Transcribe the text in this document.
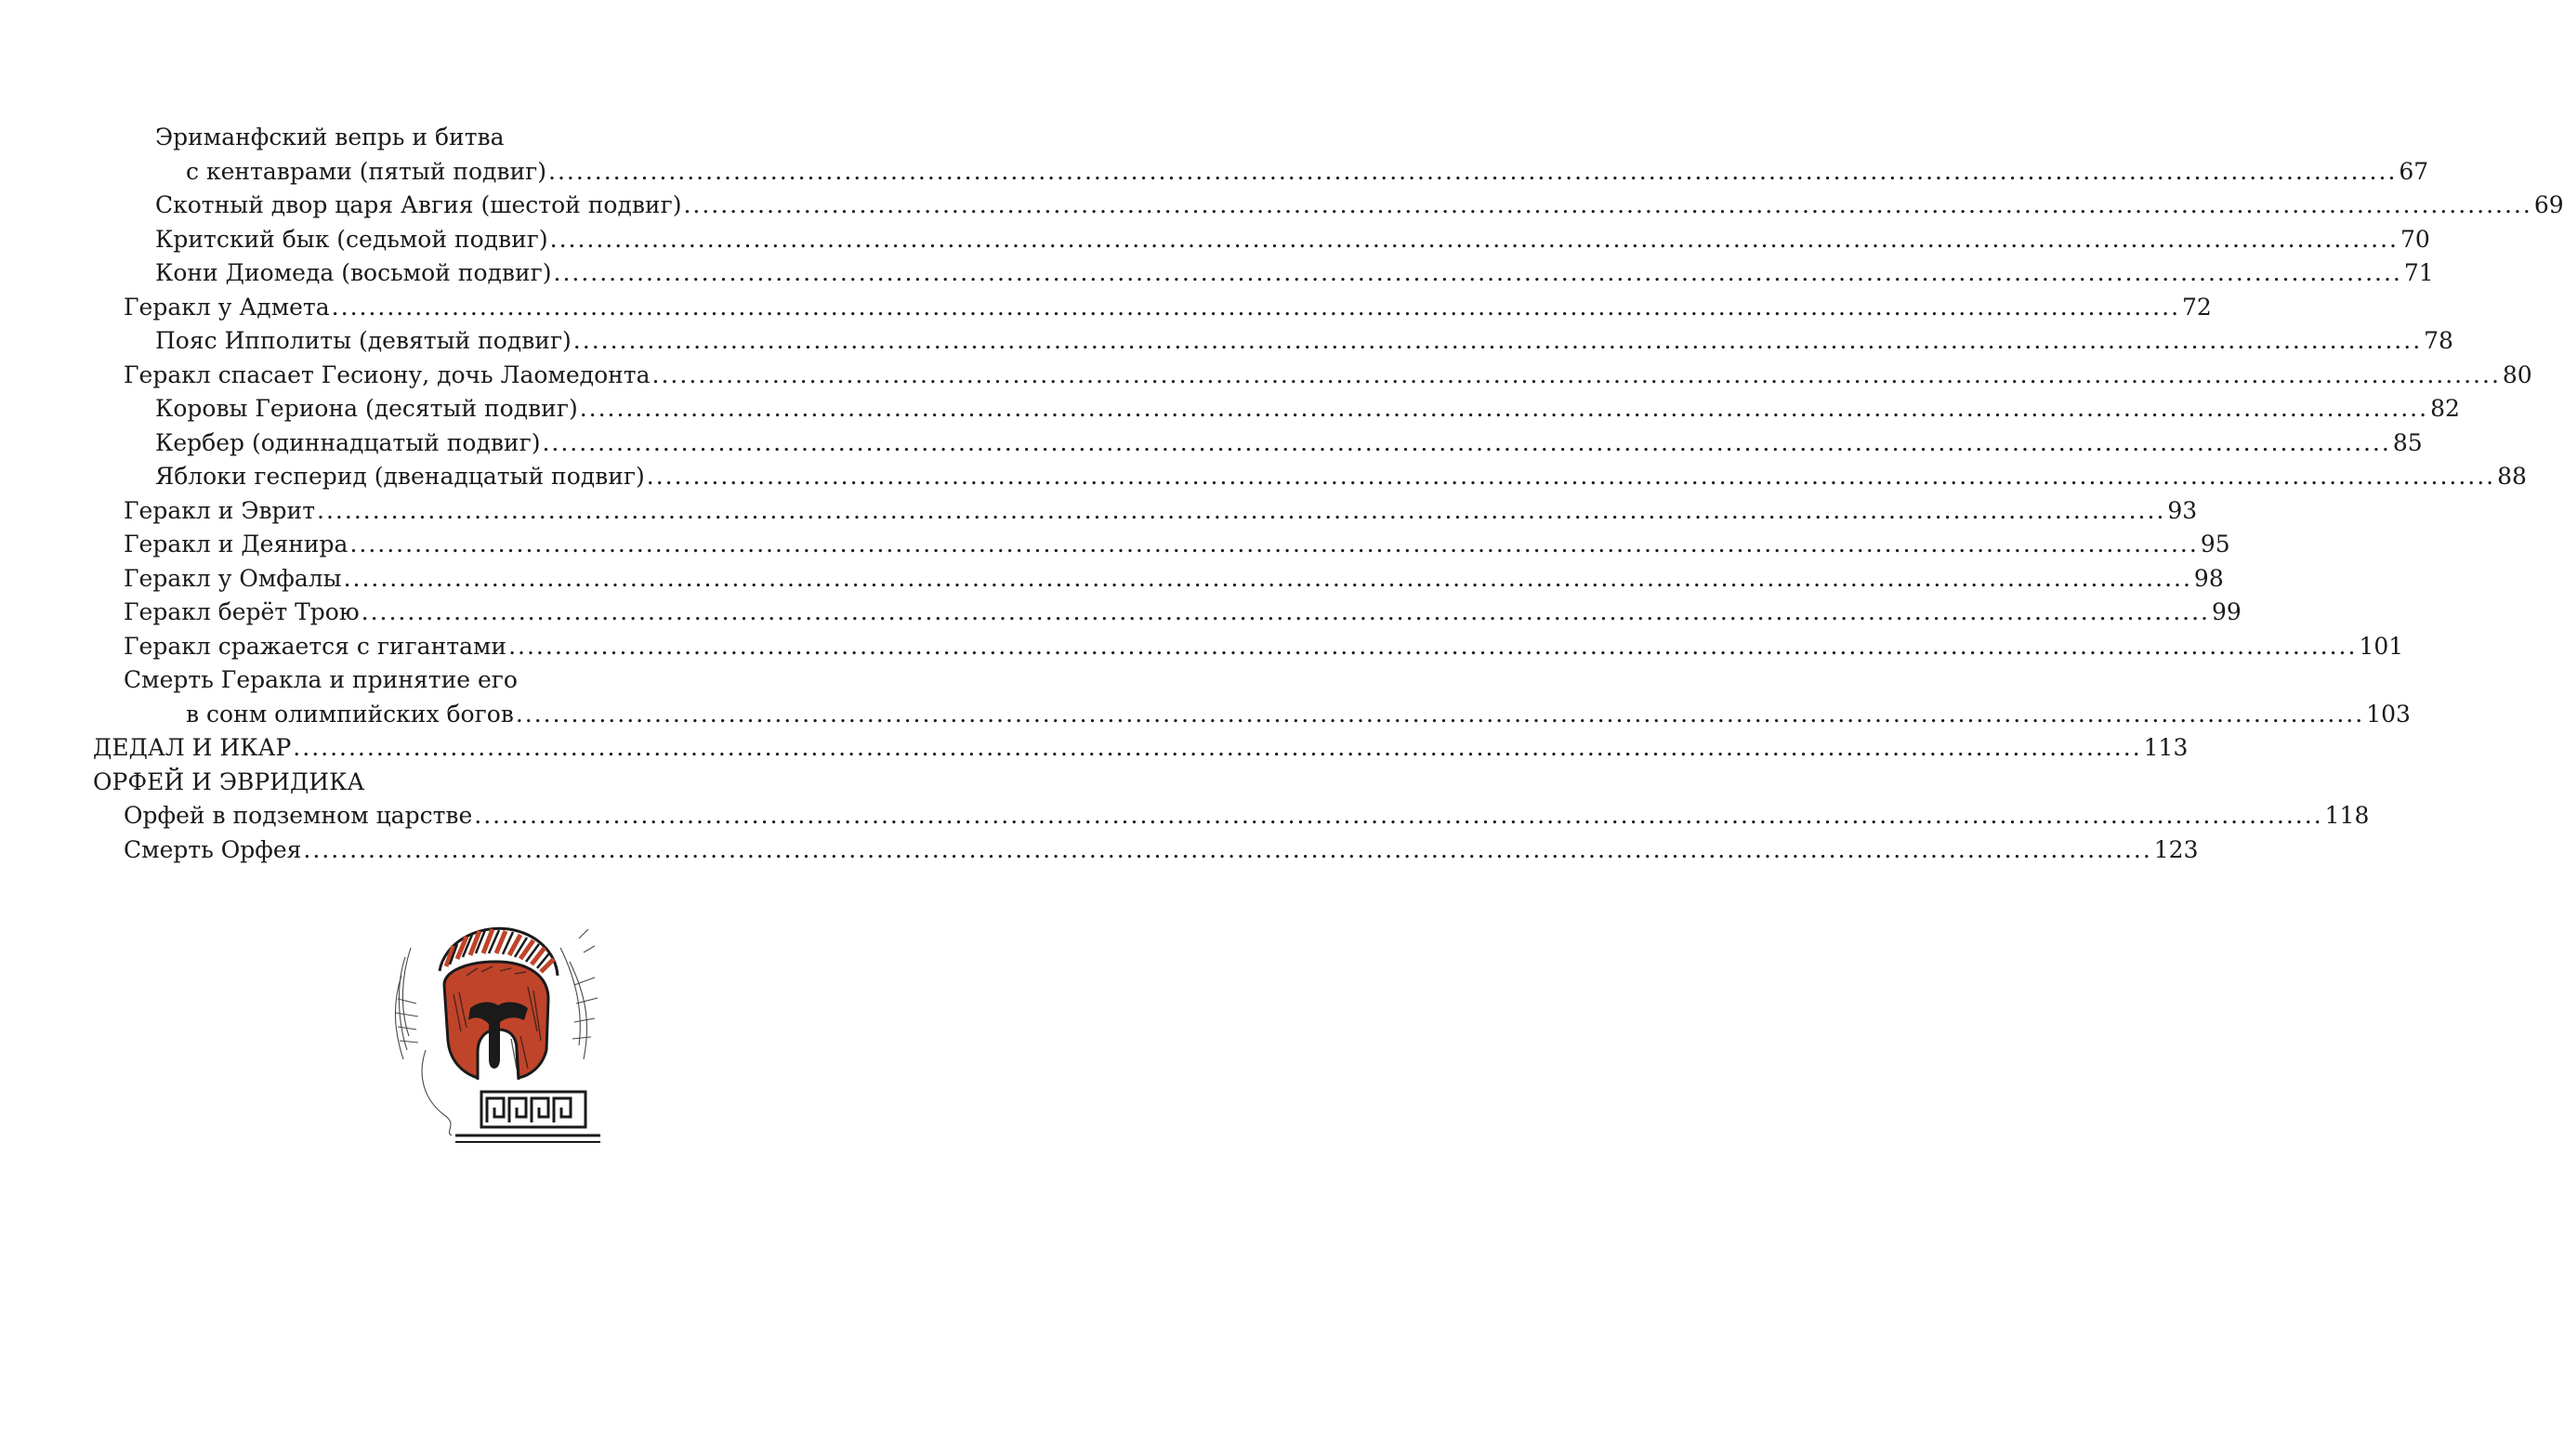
Эриманфский вепрь и битва
с кентаврами (пятый подвиг) ........................................................................................................................................................................................................ 67
Скотный двор царя Авгия (шестой подвиг) ........................................................................................................................................................................................................ 69
Критский бык (седьмой подвиг) ........................................................................................................................................................................................................ 70
Кони Диомеда (восьмой подвиг) ........................................................................................................................................................................................................ 71
Геракл у Адмета ........................................................................................................................................................................................................ 72
Пояс Ипполиты (девятый подвиг) ........................................................................................................................................................................................................ 78
Геракл спасает Гесиону, дочь Лаомедонта ........................................................................................................................................................................................................ 80
Коровы Гериона (десятый подвиг) ........................................................................................................................................................................................................ 82
Кербер (одиннадцатый подвиг) ........................................................................................................................................................................................................ 85
Яблоки гесперид (двенадцатый подвиг) ........................................................................................................................................................................................................ 88
Геракл и Эврит ........................................................................................................................................................................................................ 93
Геракл и Деянира ........................................................................................................................................................................................................ 95
Геракл у Омфалы ........................................................................................................................................................................................................ 98
Геракл берёт Трою ........................................................................................................................................................................................................ 99
Геракл сражается с гигантами ........................................................................................................................................................................................................ 101
Смерть Геракла и принятие его
в сонм олимпийских богов ........................................................................................................................................................................................................ 103
ДЕДАЛ И ИКАР ........................................................................................................................................................................................................ 113
ОРФЕЙ И ЭВРИДИКА
Орфей в подземном царстве ........................................................................................................................................................................................................ 118
Смерть Орфея ........................................................................................................................................................................................................ 123
